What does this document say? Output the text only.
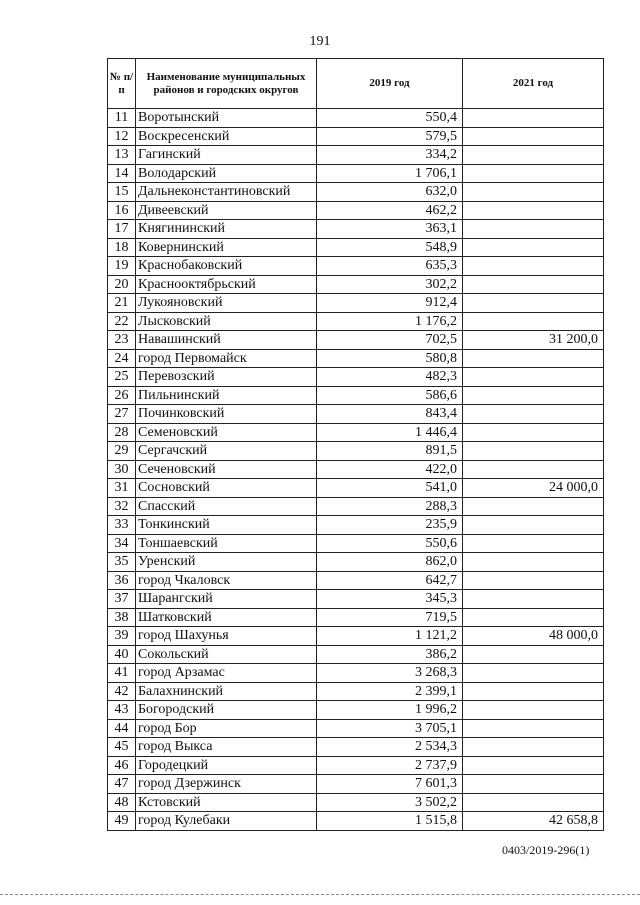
191
№ п/п	Наименование муниципальных районов и городских округов	2019 год	2021 год
11	Воротынский	550,4	
12	Воскресенский	579,5	
13	Гагинский	334,2	
14	Володарский	1 706,1	
15	Дальнеконстантиновский	632,0	
16	Дивеевский	462,2	
17	Княгининский	363,1	
18	Ковернинский	548,9	
19	Краснобаковский	635,3	
20	Краснооктябрьский	302,2	
21	Лукояновский	912,4	
22	Лысковский	1 176,2	
23	Навашинский	702,5	31 200,0
24	город Первомайск	580,8	
25	Перевозский	482,3	
26	Пильнинский	586,6	
27	Починковский	843,4	
28	Семеновский	1 446,4	
29	Сергачский	891,5	
30	Сеченовский	422,0	
31	Сосновский	541,0	24 000,0
32	Спасский	288,3	
33	Тонкинский	235,9	
34	Тоншаевский	550,6	
35	Уренский	862,0	
36	город Чкаловск	642,7	
37	Шарангский	345,3	
38	Шатковский	719,5	
39	город Шахунья	1 121,2	48 000,0
40	Сокольский	386,2	
41	город Арзамас	3 268,3	
42	Балахнинский	2 399,1	
43	Богородский	1 996,2	
44	город Бор	3 705,1	
45	город Выкса	2 534,3	
46	Городецкий	2 737,9	
47	город Дзержинск	7 601,3	
48	Кстовский	3 502,2	
49	город Кулебаки	1 515,8	42 658,8
0403/2019-296(1)
